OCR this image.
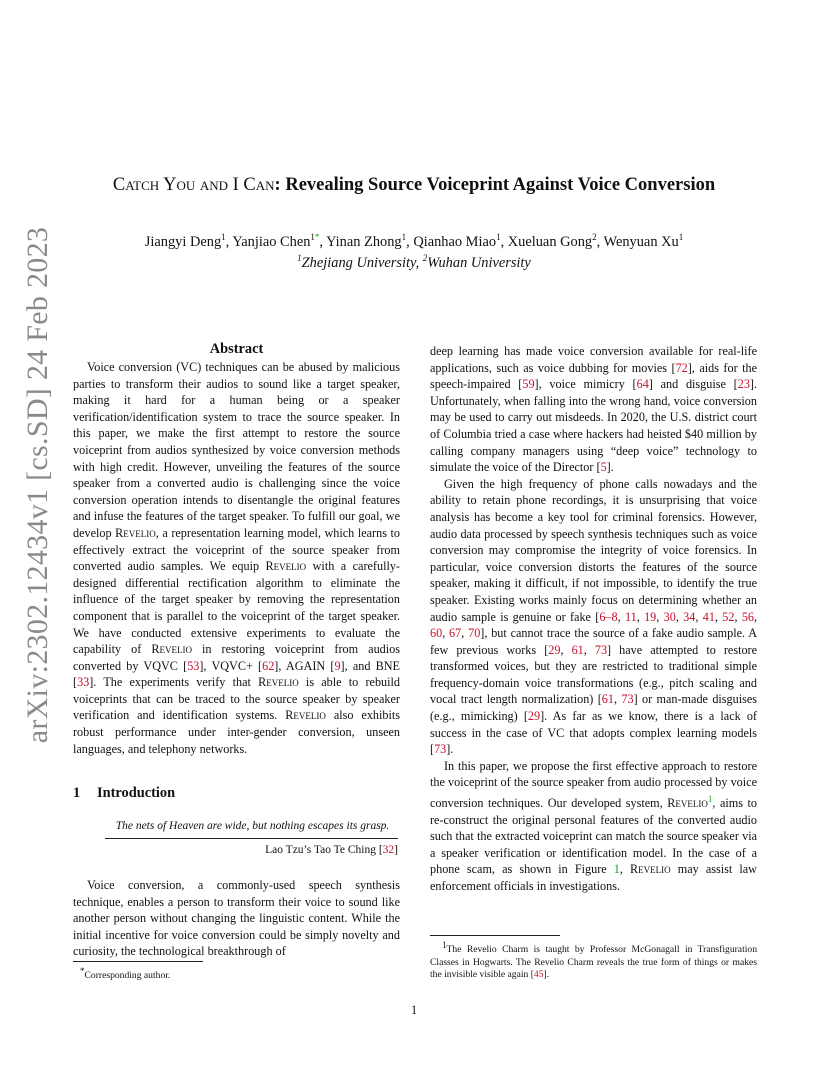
arXiv:2302.12434v1 [cs.SD] 24 Feb 2023
Catch You and I Can: Revealing Source Voiceprint Against Voice Conversion
Jiangyi Deng$^1$, Yanjiao Chen$^{1*}$, Yinan Zhong$^1$, Qianhao Miao$^1$, Xueluan Gong$^2$, Wenyuan Xu$^1$
$^1$Zhejiang University, $^2$Wuhan University
Abstract

Voice conversion (VC) techniques can be abused by malicious parties to transform their audios to sound like a target speaker, making it hard for a human being or a speaker verification/identification system to trace the source speaker. In this paper, we make the first attempt to restore the source voiceprint from audios synthesized by voice conversion methods with high credit. However, unveiling the features of the source speaker from a converted audio is challenging since the voice conversion operation intends to disentangle the original features and infuse the features of the target speaker. To fulfill our goal, we develop Revelio, a representation learning model, which learns to effectively extract the voiceprint of the source speaker from converted audio samples. We equip Revelio with a carefully-designed differential rectification algorithm to eliminate the influence of the target speaker by removing the representation component that is parallel to the voiceprint of the target speaker. We have conducted extensive experiments to evaluate the capability of Revelio in restoring voiceprint from audios converted by VQVC [53], VQVC+ [62], AGAIN [9], and BNE [33]. The experiments verify that Revelio is able to rebuild voiceprints that can be traced to the source speaker by speaker verification and identification systems. Revelio also exhibits robust performance under inter-gender conversion, unseen languages, and telephony networks.

1 Introduction
The nets of Heaven are wide, but nothing escapes its grasp.
Lao Tzu’s Tao Te Ching [32]

Voice conversion, a commonly-used speech synthesis technique, enables a person to transform their voice to sound like another person without changing the linguistic content. While the initial incentive for voice conversion could be simply novelty and curiosity, the technological breakthrough of

*Corresponding author.

deep learning has made voice conversion available for real-life applications, such as voice dubbing for movies [72], aids for the speech-impaired [59], voice mimicry [64] and disguise [23]. Unfortunately, when falling into the wrong hand, voice conversion may be used to carry out misdeeds. In 2020, the U.S. district court of Columbia tried a case where hackers had heisted $40 million by calling company managers using “deep voice” technology to simulate the voice of the Director [5].

Given the high frequency of phone calls nowadays and the ability to retain phone recordings, it is unsurprising that voice analysis has become a key tool for criminal forensics. However, audio data processed by speech synthesis techniques such as voice conversion may compromise the integrity of voice forensics. In particular, voice conversion distorts the features of the source speaker, making it difficult, if not impossible, to identify the true speaker. Existing works mainly focus on determining whether an audio sample is genuine or fake [6–8, 11, 19, 30, 34, 41, 52, 56, 60, 67, 70], but cannot trace the source of a fake audio sample. A few previous works [29, 61, 73] have attempted to restore transformed voices, but they are restricted to traditional simple frequency-domain voice transformations (e.g., pitch scaling and vocal tract length normalization) [61, 73] or man-made disguises (e.g., mimicking) [29]. As far as we know, there is a lack of success in the case of VC that adopts complex learning models [73].

In this paper, we propose the first effective approach to restore the voiceprint of the source speaker from audio processed by voice conversion techniques. Our developed system, Revelio$^1$, aims to re-construct the original personal features of the converted audio such that the extracted voiceprint can match the source speaker via a speaker verification or identification model. In the case of a phone scam, as shown in Figure 1, Revelio may assist law enforcement officials in investigations.

$^1$The Revelio Charm is taught by Professor McGonagall in Transfiguration Classes in Hogwarts. The Revelio Charm reveals the true form of things or makes the invisible visible again [45].
1
